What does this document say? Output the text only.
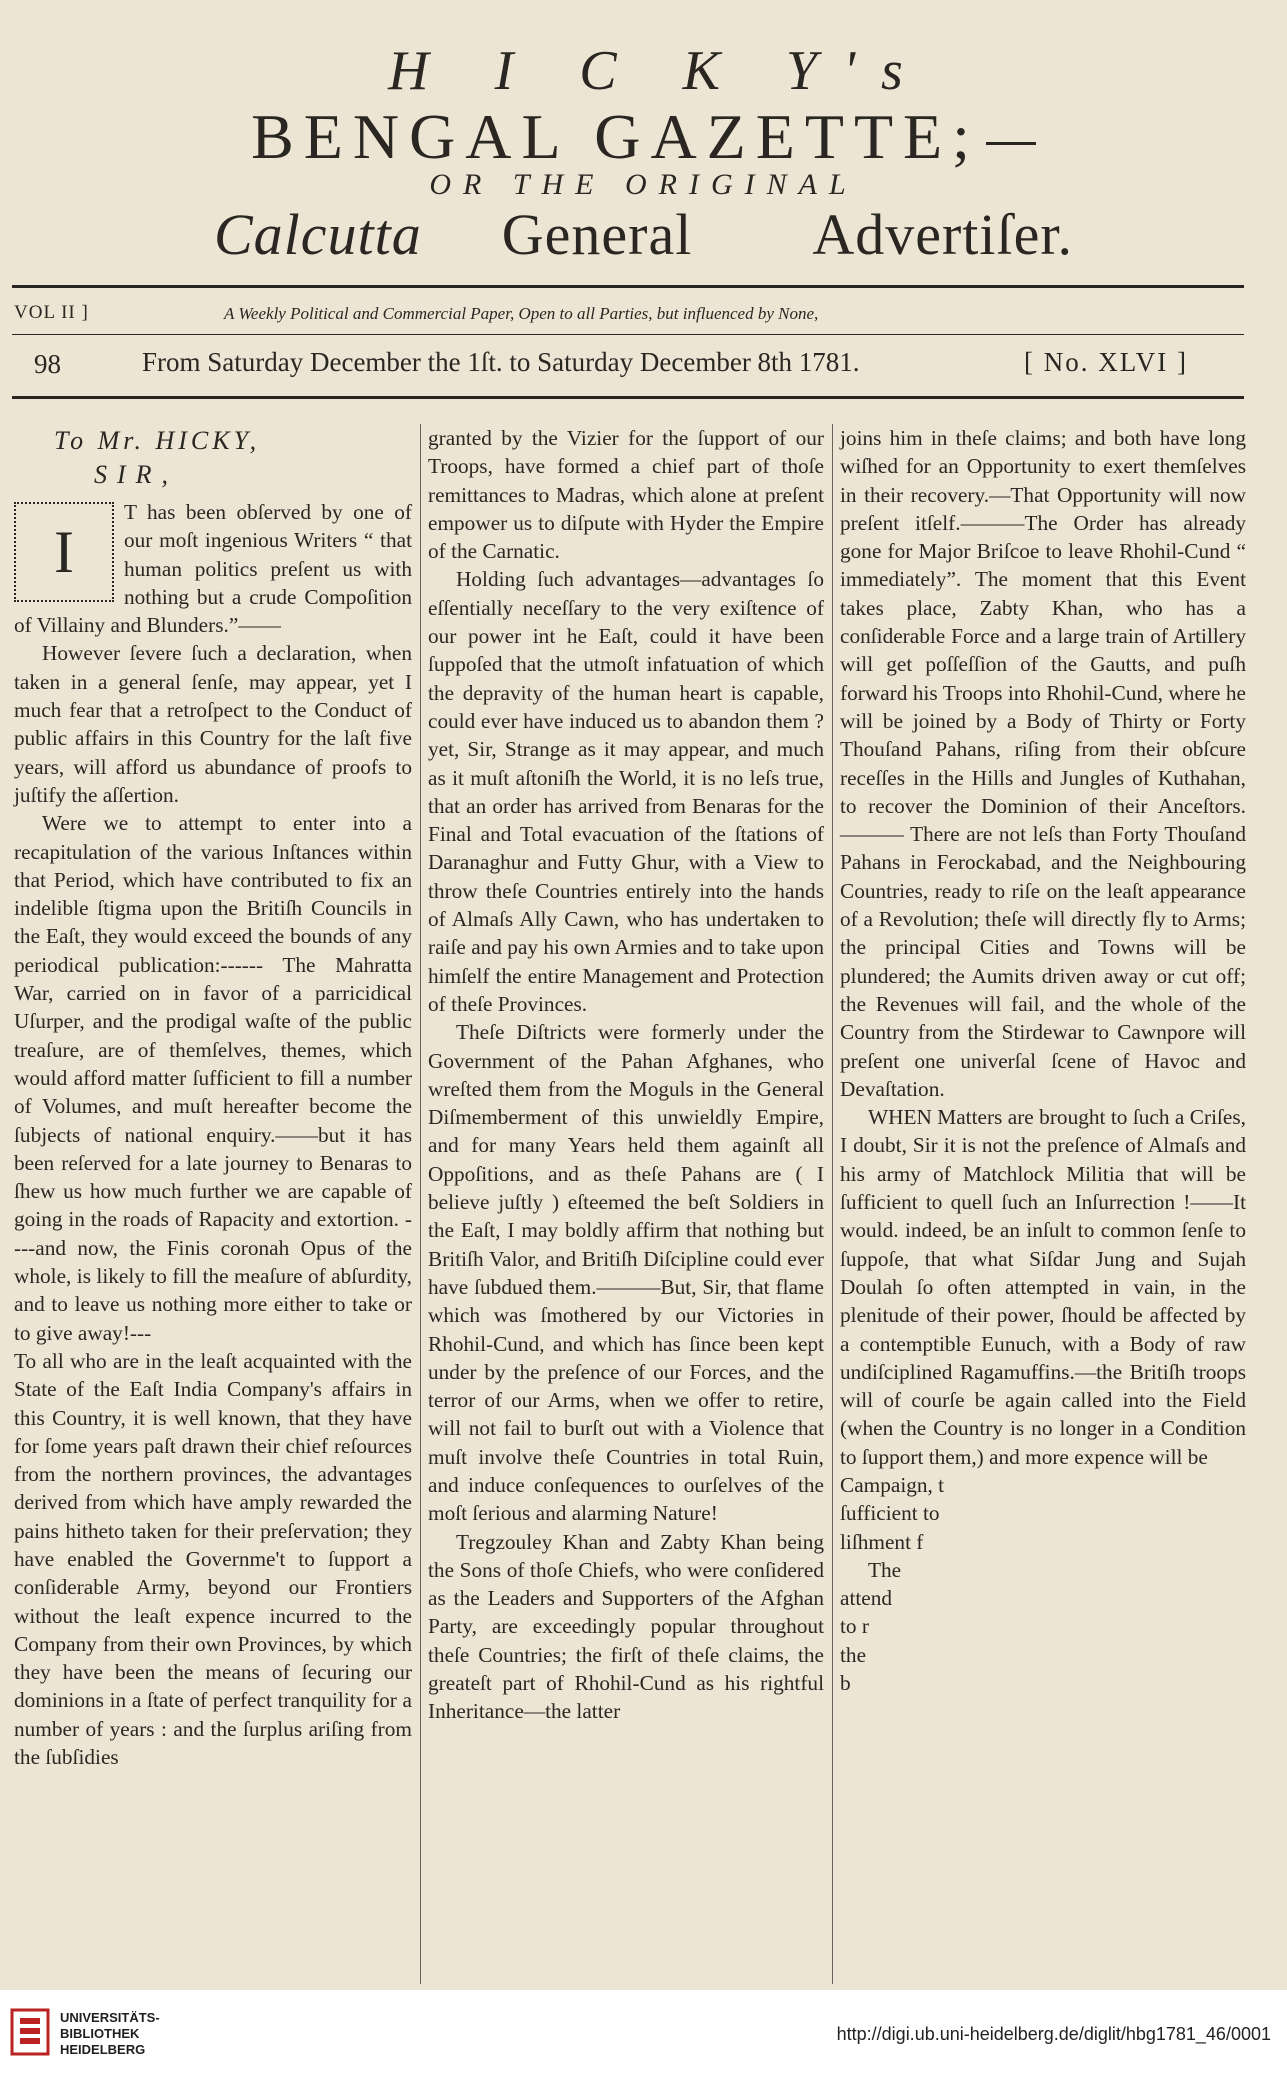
H I C K Y's
BENGAL GAZETTE;
OR THE ORIGINAL
Calcutta General Advertiſer.
VOL II ]	A Weekly Political and Commercial Paper, Open to all Parties, but influenced by None,
98	From Saturday December the 1ſt. to Saturday December 8th 1781.	[ No. XLVI ]
To Mr. HICKY,
SIR,

I
T has been obſerved by one of our moſt ingenious Writers “ that human politics preſent us with nothing but a crude Compoſition of Villainy and Blunders.”——

However ſevere ſuch a declaration, when taken in a general ſenſe, may appear, yet I much fear that a retroſpect to the Conduct of public affairs in this Country for the laſt five years, will afford us abundance of proofs to juſtify the aſſertion.

Were we to attempt to enter into a recapitulation of the various Inſtances within that Period, which have contributed to fix an indelible ſtigma upon the Britiſh Councils in the Eaſt, they would exceed the bounds of any periodical publication:------ The Mahratta War, carried on in favor of a parricidical Uſurper, and the prodigal waſte of the public treaſure, are of themſelves, themes, which would afford matter ſufficient to fill a number of Volumes, and muſt hereafter become the ſubjects of national enquiry.——but it has been reſerved for a late journey to Benaras to ſhew us how much further we are capable of going in the roads of Rapacity and extortion. ----and now, the Finis coronah Opus of the whole, is likely to fill the meaſure of abſurdity, and to leave us nothing more either to take or to give away!---

To all who are in the leaſt acquainted with the State of the Eaſt India Company's affairs in this Country, it is well known, that they have for ſome years paſt drawn their chief reſources from the northern provinces, the advantages derived from which have amply rewarded the pains hitheto taken for their preſervation; they have enabled the Governme't to ſupport a conſiderable Army, beyond our Frontiers without the leaſt expence incurred to the Company from their own Provinces, by which they have been the means of ſecuring our dominions in a ſtate of perfect tranquility for a number of years : and the ſurplus ariſing from the ſubſidies

granted by the Vizier for the ſupport of our Troops, have formed a chief part of thoſe remittances to Madras, which alone at preſent empower us to diſpute with Hyder the Empire of the Carnatic.

Holding ſuch advantages—advantages ſo eſſentially neceſſary to the very exiſtence of our power int he Eaſt, could it have been ſuppoſed that the utmoſt infatuation of which the depravity of the human heart is capable, could ever have induced us to abandon them ? yet, Sir, Strange as it may appear, and much as it muſt aſtoniſh the World, it is no leſs true, that an order has arrived from Benaras for the Final and Total evacuation of the ſtations of Daranaghur and Futty Ghur, with a View to throw theſe Countries entirely into the hands of Almaſs Ally Cawn, who has undertaken to raiſe and pay his own Armies and to take upon himſelf the entire Management and Protection of theſe Provinces.

Theſe Diſtricts were formerly under the Government of the Pahan Afghanes, who wreſted them from the Moguls in the General Diſmemberment of this unwieldly Empire, and for many Years held them againſt all Oppoſitions, and as theſe Pahans are ( I believe juſtly ) eſteemed the beſt Soldiers in the Eaſt, I may boldly affirm that nothing but Britiſh Valor, and Britiſh Diſcipline could ever have ſubdued them.———But, Sir, that flame which was ſmothered by our Victories in Rhohil-Cund, and which has ſince been kept under by the preſence of our Forces, and the terror of our Arms, when we offer to retire, will not fail to burſt out with a Violence that muſt involve theſe Countries in total Ruin, and induce conſequences to ourſelves of the moſt ſerious and alarming Nature!

Tregzouley Khan and Zabty Khan being the Sons of thoſe Chiefs, who were conſidered as the Leaders and Supporters of the Afghan Party, are exceedingly popular throughout theſe Countries; the firſt of theſe claims, the greateſt part of Rhohil-Cund as his rightful Inheritance—the latter

joins him in theſe claims; and both have long wiſhed for an Opportunity to exert themſelves in their recovery.—That Opportunity will now preſent itſelf.———The Order has already gone for Major Briſcoe to leave Rhohil-Cund “ immediately”. The moment that this Event takes place, Zabty Khan, who has a conſiderable Force and a large train of Artillery will get poſſeſſion of the Gautts, and puſh forward his Troops into Rhohil-Cund, where he will be joined by a Body of Thirty or Forty Thouſand Pahans, riſing from their obſcure receſſes in the Hills and Jungles of Kuthahan, to recover the Dominion of their Anceſtors.——— There are not leſs than Forty Thouſand Pahans in Ferockabad, and the Neighbouring Countries, ready to riſe on the leaſt appearance of a Revolution; theſe will directly fly to Arms; the principal Cities and Towns will be plundered; the Aumits driven away or cut off; the Revenues will fail, and the whole of the Country from the Stirdewar to Cawnpore will preſent one univerſal ſcene of Havoc and Devaſtation.

WHEN Matters are brought to ſuch a Criſes, I doubt, Sir it is not the preſence of Almaſs and his army of Matchlock Militia that will be ſufficient to quell ſuch an Inſurrection !——It would. indeed, be an inſult to common ſenſe to ſuppoſe, that what Siſdar Jung and Sujah Doulah ſo often attempted in vain, in the plenitude of their power, ſhould be affected by a contemptible Eunuch, with a Body of raw undiſciplined Ragamuffins.—the Britiſh troops will of courſe be again called into the Field (when the Country is no longer in a Condition to ſupport them,) and more expence will be

Campaign, t

ſufficient to

liſhment f

The

attend

to r

the

b

UNIVERSITÄTS-
BIBLIOTHEK
HEIDELBERG
http://digi.ub.uni-heidelberg.de/diglit/hbg1781_46/0001
